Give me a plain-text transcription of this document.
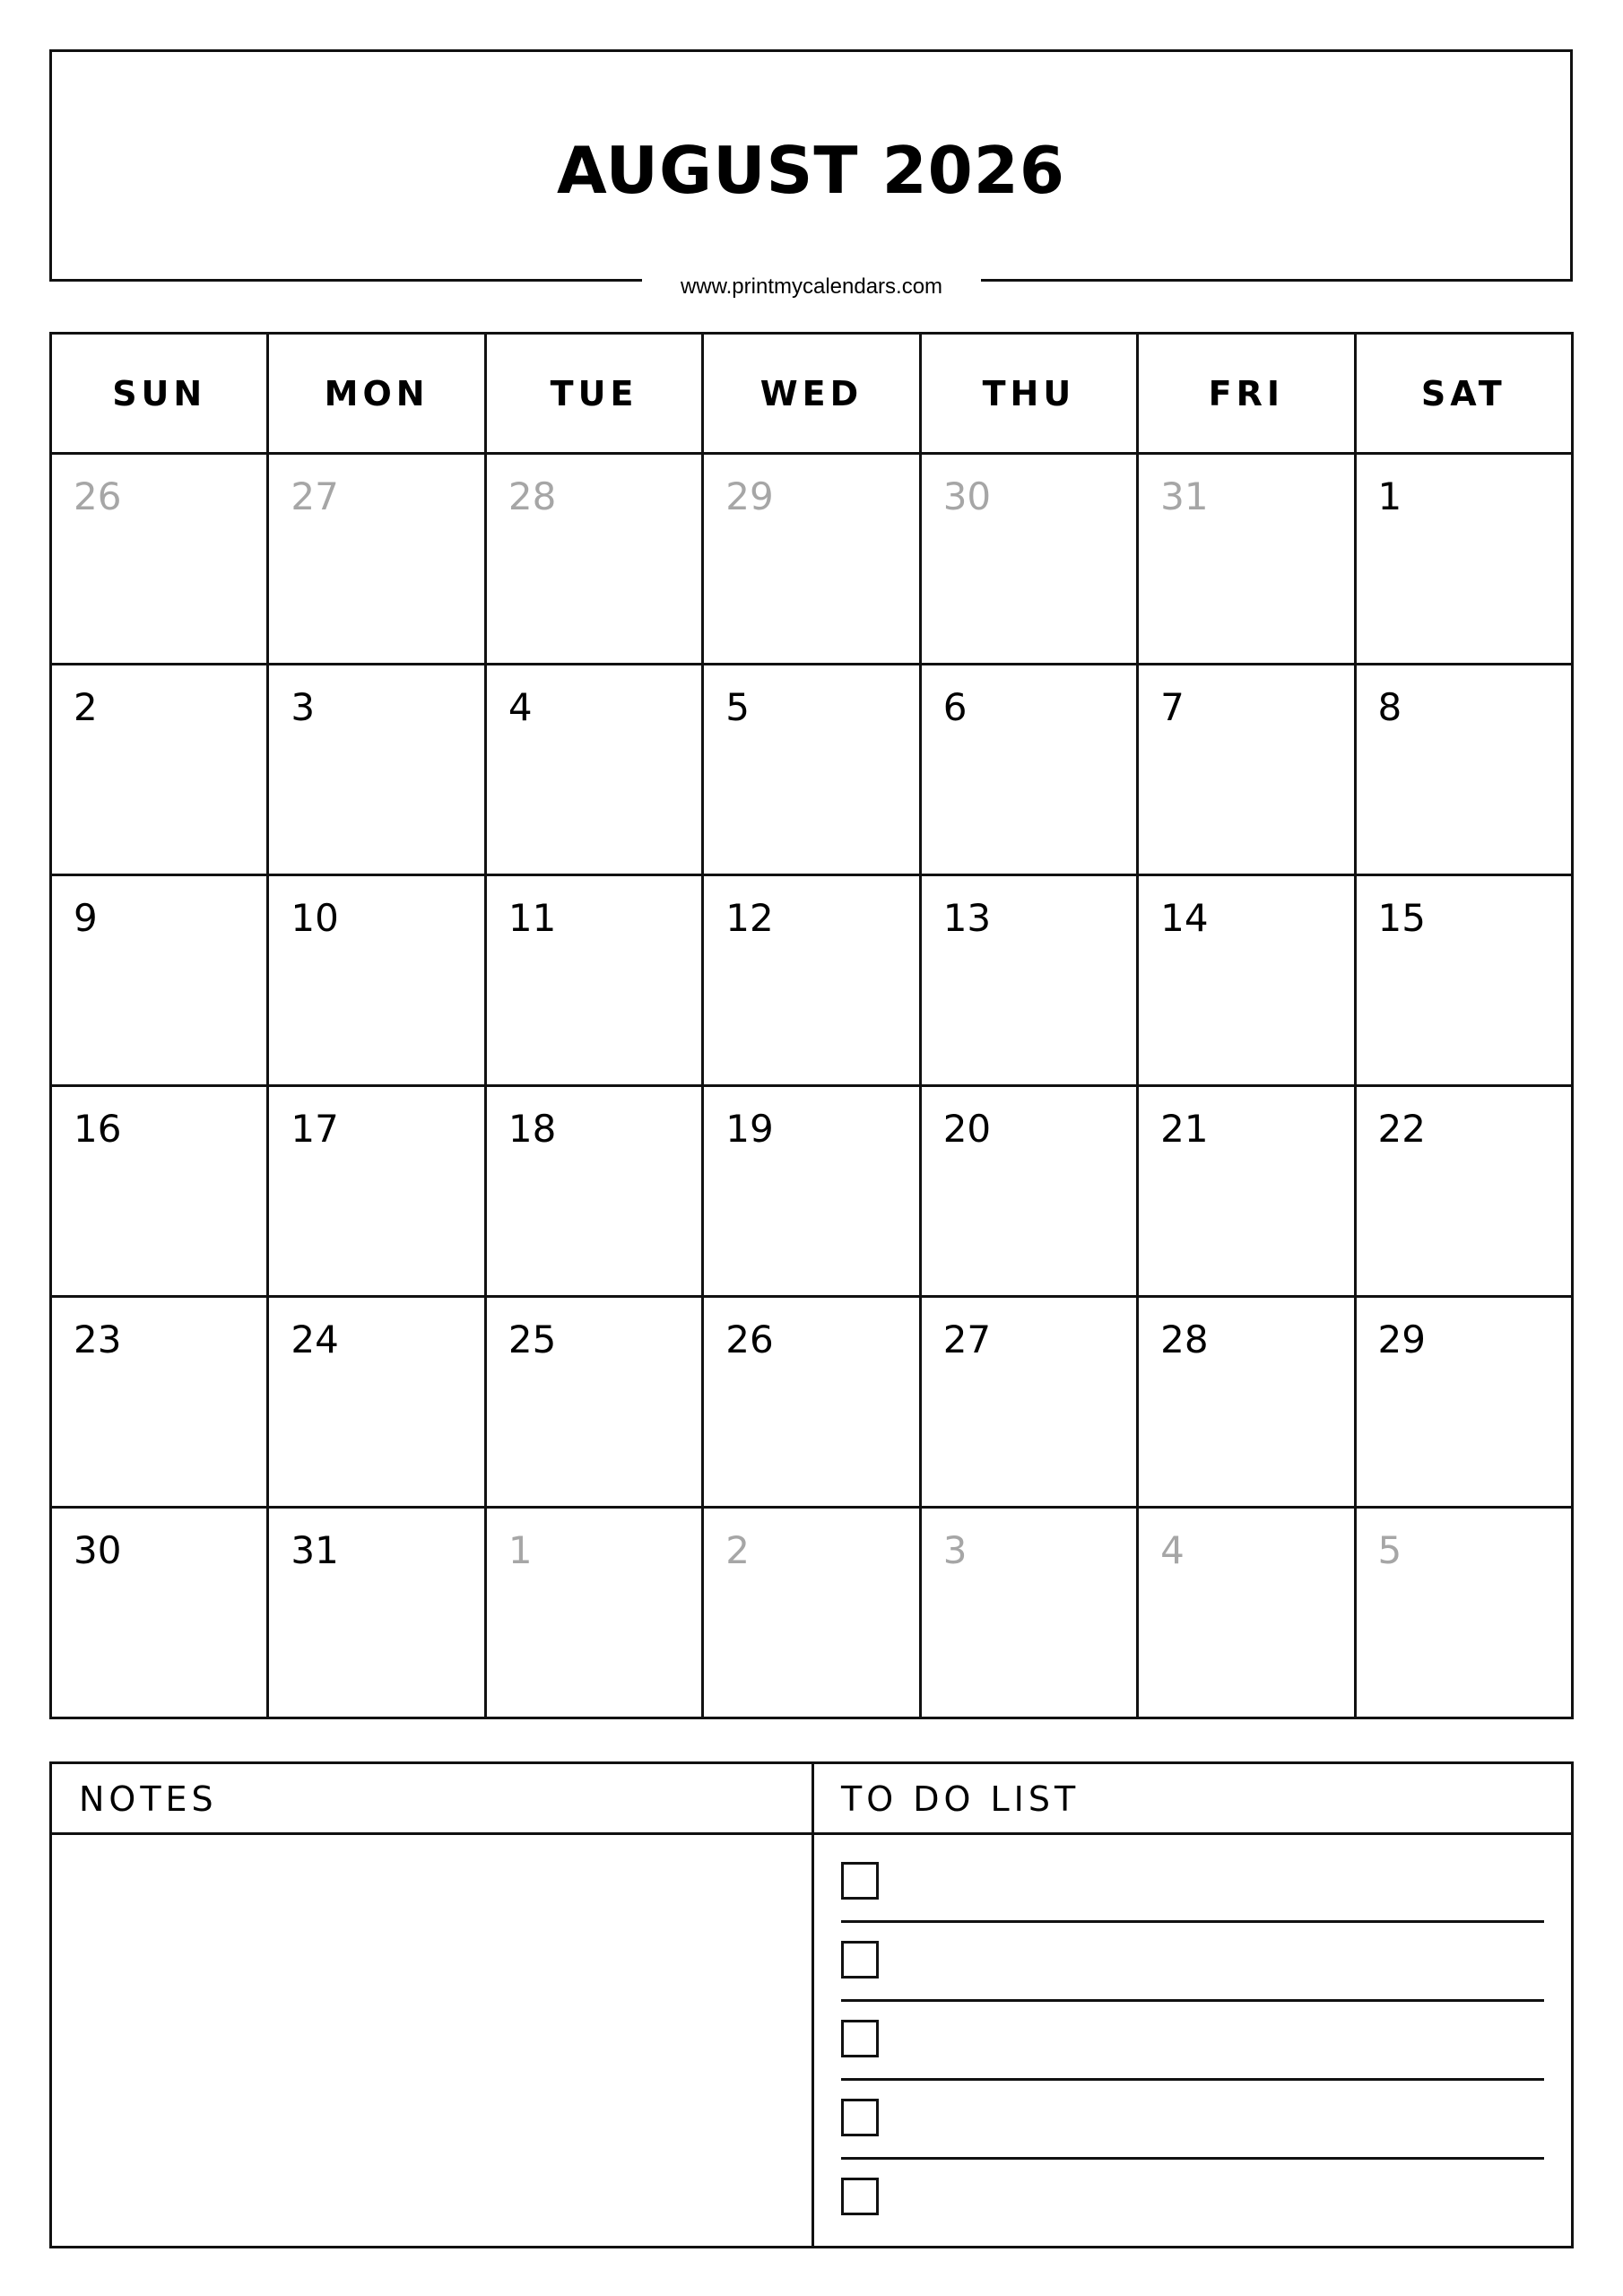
AUGUST 2026
www.printmycalendars.com
SUN	MON	TUE	WED	THU	FRI	SAT

26	27	28	29	30	31	1

2	3	4	5	6	7	8

9	10	11	12	13	14	15

16	17	18	19	20	21	22

23	24	25	26	27	28	29

30	31	1	2	3	4	5
NOTES	TO DO LIST
